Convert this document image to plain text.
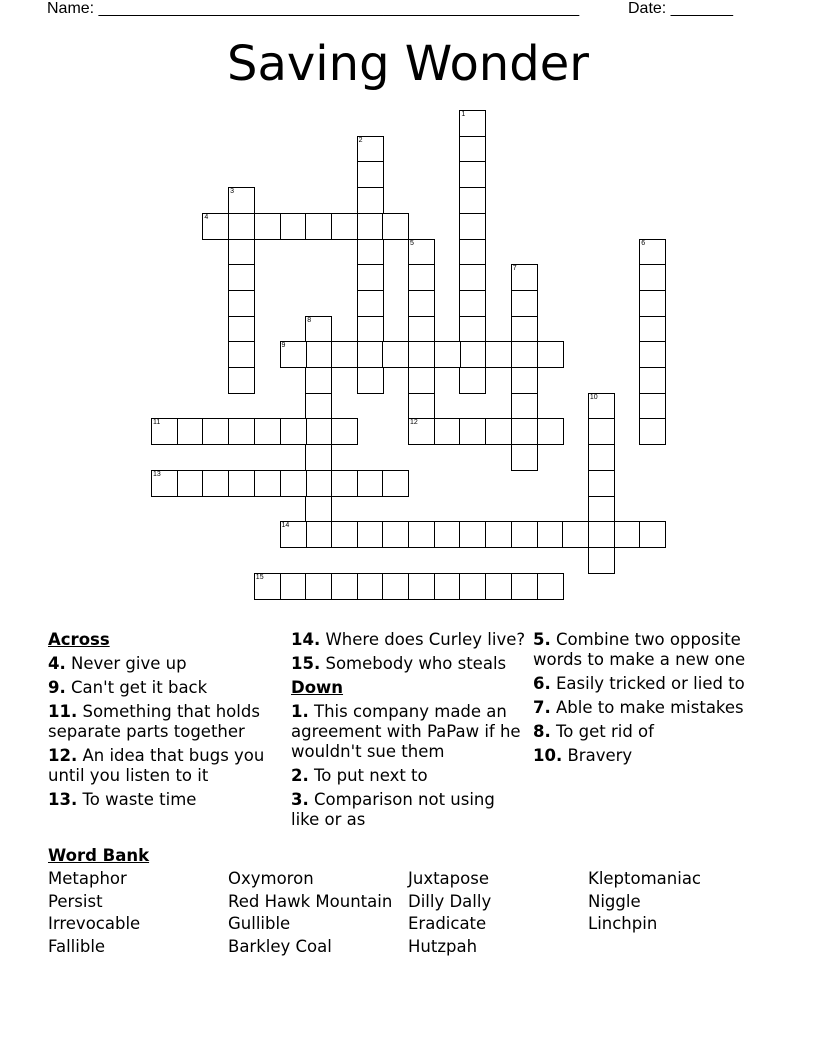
Name: ______________________________________________________	Date: _______
Saving Wonder
1
2
3
4
5	6
7
8
9
10
11	12
13
14
15
Across
4. Never give up
9. Can't get it back
11. Something that holds separate parts together
12. An idea that bugs you until you listen to it
13. To waste time
14. Where does Curley live?
15. Somebody who steals
Down
1. This company made an agreement with PaPaw if he wouldn't sue them
2. To put next to
3. Comparison not using like or as
5. Combine two opposite words to make a new one
6. Easily tricked or lied to
7. Able to make mistakes
8. To get rid of
10. Bravery
Word Bank
Metaphor
Persist
Irrevocable
Fallible
Oxymoron
Red Hawk Mountain
Gullible
Barkley Coal
Juxtapose
Dilly Dally
Eradicate
Hutzpah
Kleptomaniac
Niggle
Linchpin
